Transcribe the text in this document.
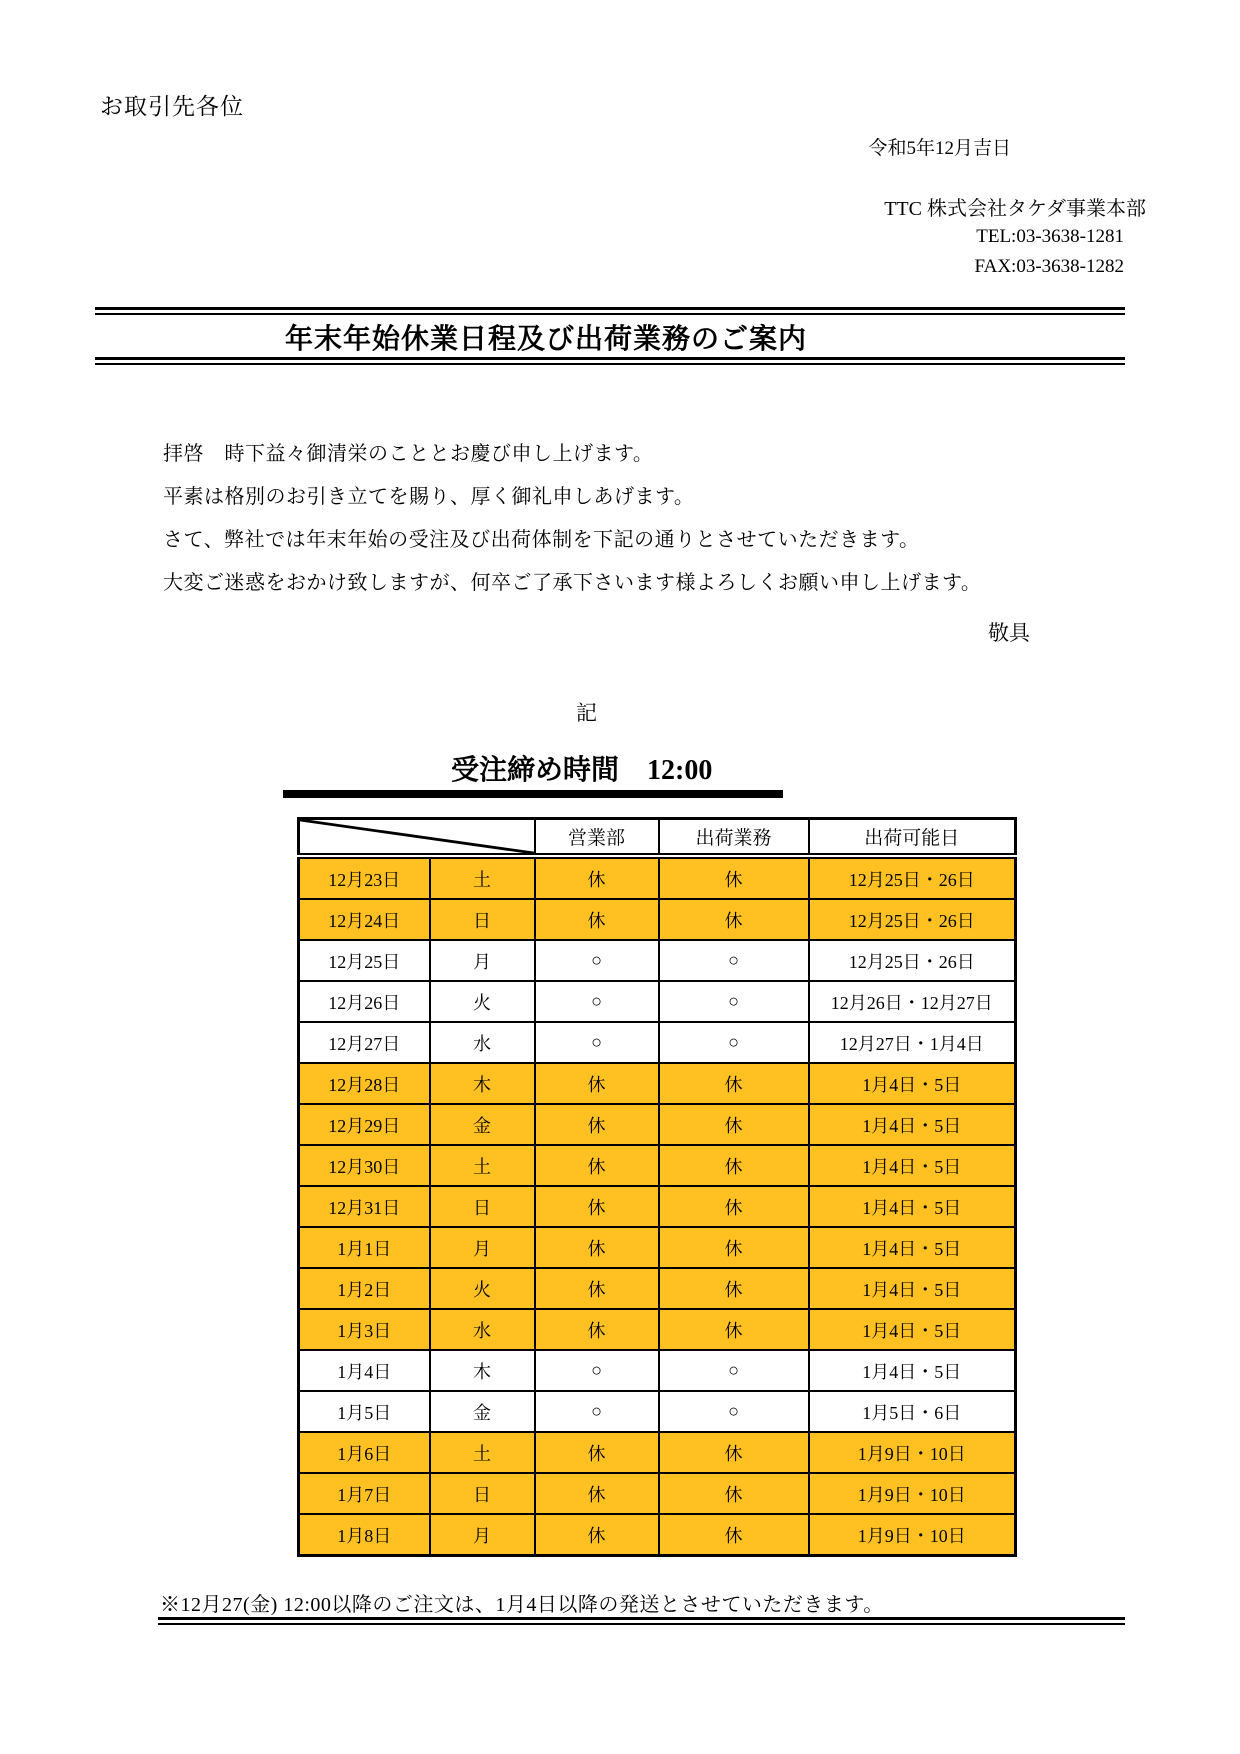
お取引先各位
令和5年12月吉日
TTC 株式会社タケダ事業本部
TEL:03-3638-1281
FAX:03-3638-1282
年末年始休業日程及び出荷業務のご案内

拝啓　時下益々御清栄のこととお慶び申し上げます。

平素は格別のお引き立てを賜り、厚く御礼申しあげます。

さて、弊社では年末年始の受注及び出荷体制を下記の通りとさせていただきます。

大変ご迷惑をおかけ致しますが、何卒ご了承下さいます様よろしくお願い申し上げます。

敬具
記
受注締め時間　12:00
	営業部	出荷業務	出荷可能日
12月23日	土	休	休	12月25日・26日
12月24日	日	休	休	12月25日・26日
12月25日	月	○	○	12月25日・26日
12月26日	火	○	○	12月26日・12月27日
12月27日	水	○	○	12月27日・1月4日
12月28日	木	休	休	1月4日・5日
12月29日	金	休	休	1月4日・5日
12月30日	土	休	休	1月4日・5日
12月31日	日	休	休	1月4日・5日
1月1日	月	休	休	1月4日・5日
1月2日	火	休	休	1月4日・5日
1月3日	水	休	休	1月4日・5日
1月4日	木	○	○	1月4日・5日
1月5日	金	○	○	1月5日・6日
1月6日	土	休	休	1月9日・10日
1月7日	日	休	休	1月9日・10日
1月8日	月	休	休	1月9日・10日
※12月27(金) 12:00以降のご注文は、1月4日以降の発送とさせていただきます。
